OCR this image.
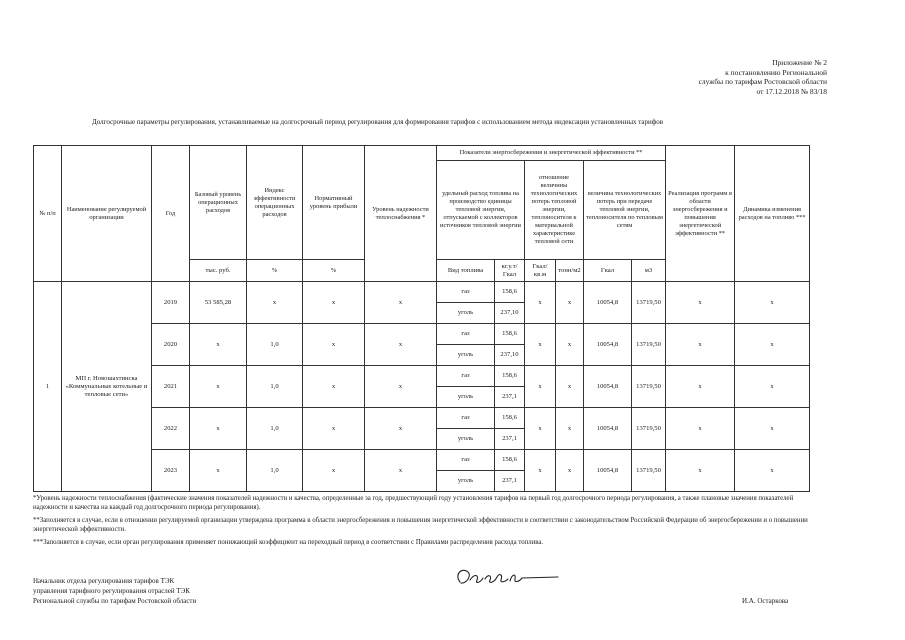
Приложение № 2
к постановлению Региональной
службы по тарифам Ростовской области
от 17.12.2018 № 83/18
Долгосрочные параметры регулирования, устанавливаемые на долгосрочный период регулирования для формирования тарифов с использованием метода индексации установленных тарифов
№ п/п	Наименование регулируемой организации	Год	Базовый уровень операционных расходов	Индекс эффективности операционных расходов	Нормативный уровень прибыли	Уровень надежности теплоснабжения *	Показатели энергосбережения и энергетической эффективности **						Реализация программ в области энергосбережения и повышения энергетической эффективности **	Динамика изменения расходов на топливо ***
							удельный расход топлива на производство единицы тепловой энергии, отпускаемой с коллекторов источников тепловой энергии		отношение величины технологических потерь тепловой энергии, теплоносителя к материальной характеристике тепловой сети		величина технологических потерь при передаче тепловой энергии, теплоносителя по тепловым сетям			
			тыс. руб.	%	%		Вид топлива	кг.у.т/Гкал	Гкал/ кв.м	тонн/м2	Гкал	м3		
1	МП г. Новошахтинска «Коммунальные котельные и тепловые сети»	2019	53 585,28	x	x	x	газ	158,6	x	x	10054,8	13719,50	x	x
							уголь	237,10						
		2020	x	1,0	x	x	газ	158,6	x	x	10054,8	13719,50	x	x
							уголь	237,10						
		2021	x	1,0	x	x	газ	158,6	x	x	10054,8	13719,50	x	x
							уголь	237,1						
		2022	x	1,0	x	x	газ	158,6	x	x	10054,8	13719,50	x	x
							уголь	237,1						
		2023	x	1,0	x	x	газ	158,6	x	x	10054,8	13719,50	x	x
							уголь	237,1						

*Уровень надежности теплоснабжения (фактические значения показателей надежности и качества, определенные за год, предшествующий году установления тарифов на первый год долгосрочного периода регулирования, а также плановые значения показателей надежности и качества на каждый год долгосрочного периода регулирования).

**Заполняется в случае, если в отношении регулируемой организации утверждена программа в области энергосбережения и повышения энергетической эффективности в соответствии с законодательством Российской Федерации об энергосбережении и о повышении энергетической эффективности.

***Заполняется в случае, если орган регулирования применяет понижающий коэффициент на переходный период в соответствии с Правилами распределения расхода топлива.

Начальник отдела регулирования тарифов ТЭК
управления тарифного регулирования отраслей ТЭК
Региональной службы по тарифам Ростовской области	И.А. Остаркова
